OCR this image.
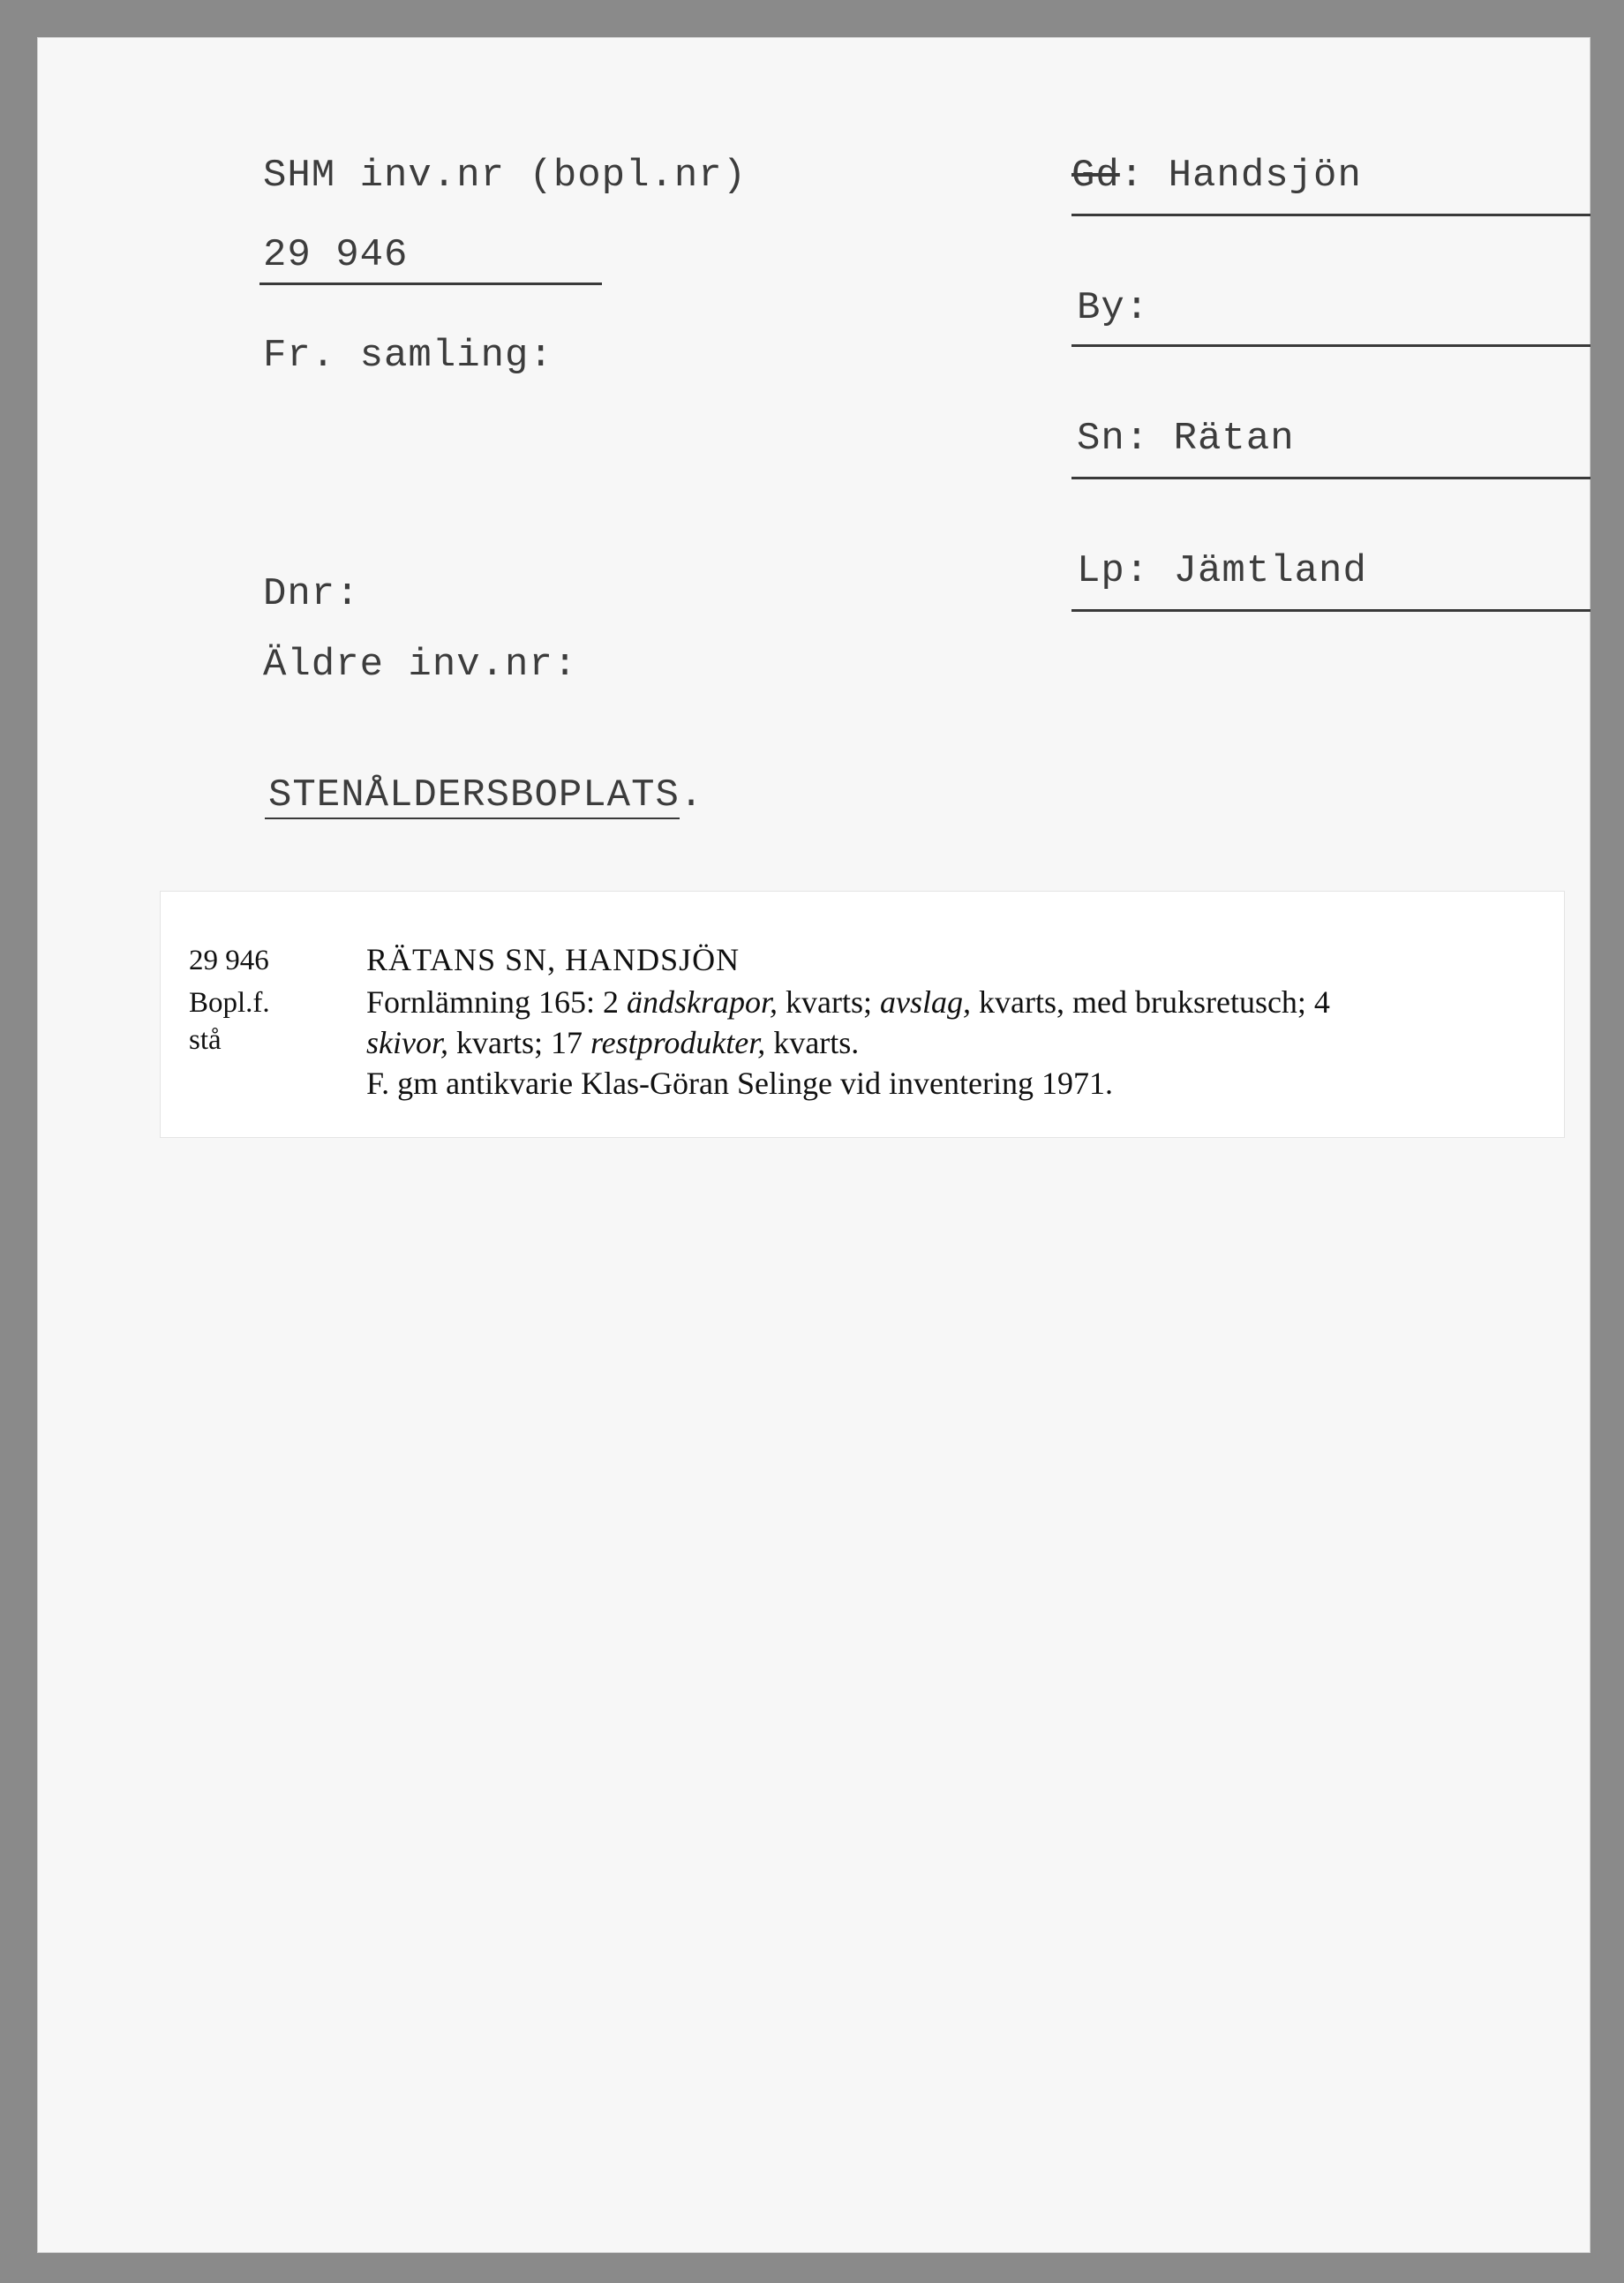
SHM inv.nr (bopl.nr)
29 946
Fr. samling:
Dnr:
Äldre inv.nr:
STENÅLDERSBOPLATS.
Gd: Handsjön
By:
Sn: Rätan
Lp: Jämtland
29 946
Bopl.f.
stå
RÄTANS SN, HANDSJÖN
Fornlämning 165: 2 ändskrapor, kvarts; avslag, kvarts, med bruksretusch; 4
skivor, kvarts; 17 restprodukter, kvarts.
F. gm antikvarie Klas-Göran Selinge vid inventering 1971.
